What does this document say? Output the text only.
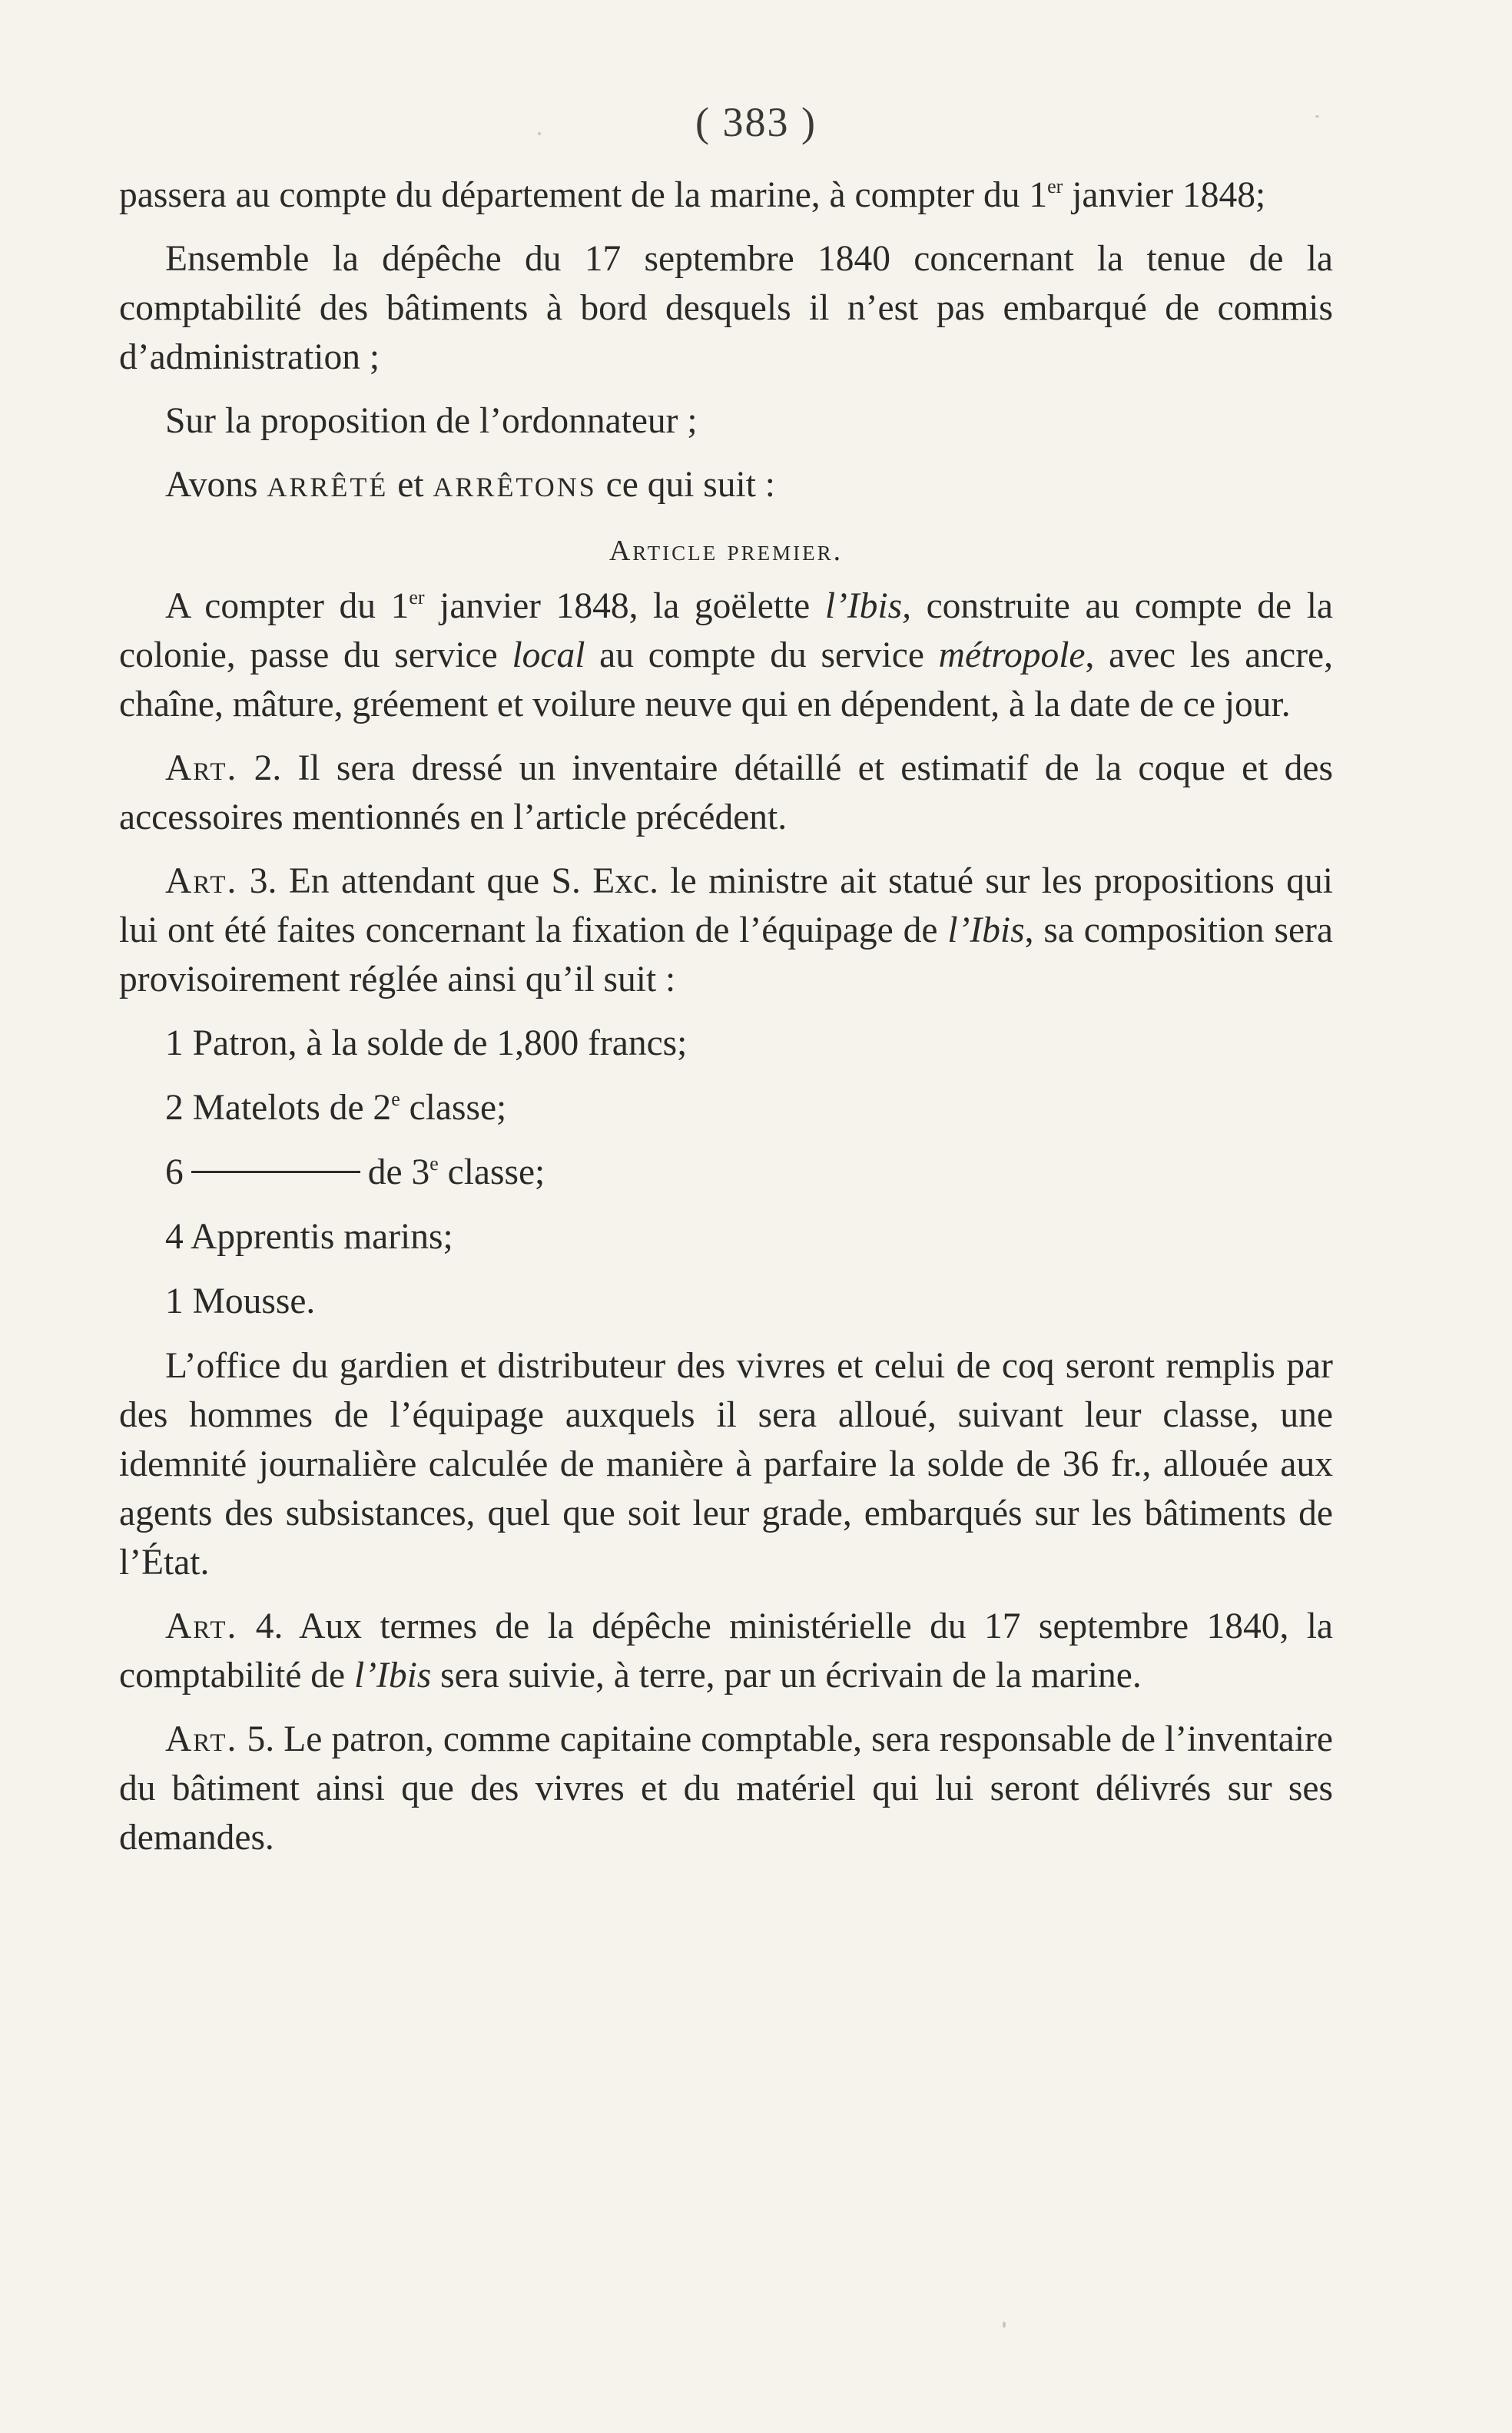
( 383 )

passera au compte du département de la marine, à compter du 1er janvier 1848;

Ensemble la dépêche du 17 septembre 1840 concernant la tenue de la comptabilité des bâtiments à bord desquels il n’est pas embarqué de commis d’administration ;

Sur la proposition de l’ordonnateur ;

Avons ARRÊTÉ et ARRÊTONS ce qui suit :

Article premier.

A compter du 1er janvier 1848, la goëlette l’Ibis, construite au compte de la colonie, passe du service local au compte du service métropole, avec les ancre, chaîne, mâture, gréement et voilure neuve qui en dépendent, à la date de ce jour.

Art. 2. Il sera dressé un inventaire détaillé et estimatif de la coque et des accessoires mentionnés en l’article précédent.

Art. 3. En attendant que S. Exc. le ministre ait statué sur les propositions qui lui ont été faites concernant la fixation de l’équipage de l’Ibis, sa composition sera provisoirement réglée ainsi qu’il suit :

1 Patron, à la solde de 1,800 francs;

2 Matelots de 2e classe;

6	de 3e classe;

4 Apprentis marins;

1 Mousse.

L’office du gardien et distributeur des vivres et celui de coq seront remplis par des hommes de l’équipage auxquels il sera alloué, suivant leur classe, une idemnité journalière calculée de manière à parfaire la solde de 36 fr., allouée aux agents des subsistances, quel que soit leur grade, embarqués sur les bâtiments de l’État.

Art. 4. Aux termes de la dépêche ministérielle du 17 septembre 1840, la comptabilité de l’Ibis sera suivie, à terre, par un écrivain de la marine.

Art. 5. Le patron, comme capitaine comptable, sera responsable de l’inventaire du bâtiment ainsi que des vivres et du matériel qui lui seront délivrés sur ses demandes.
